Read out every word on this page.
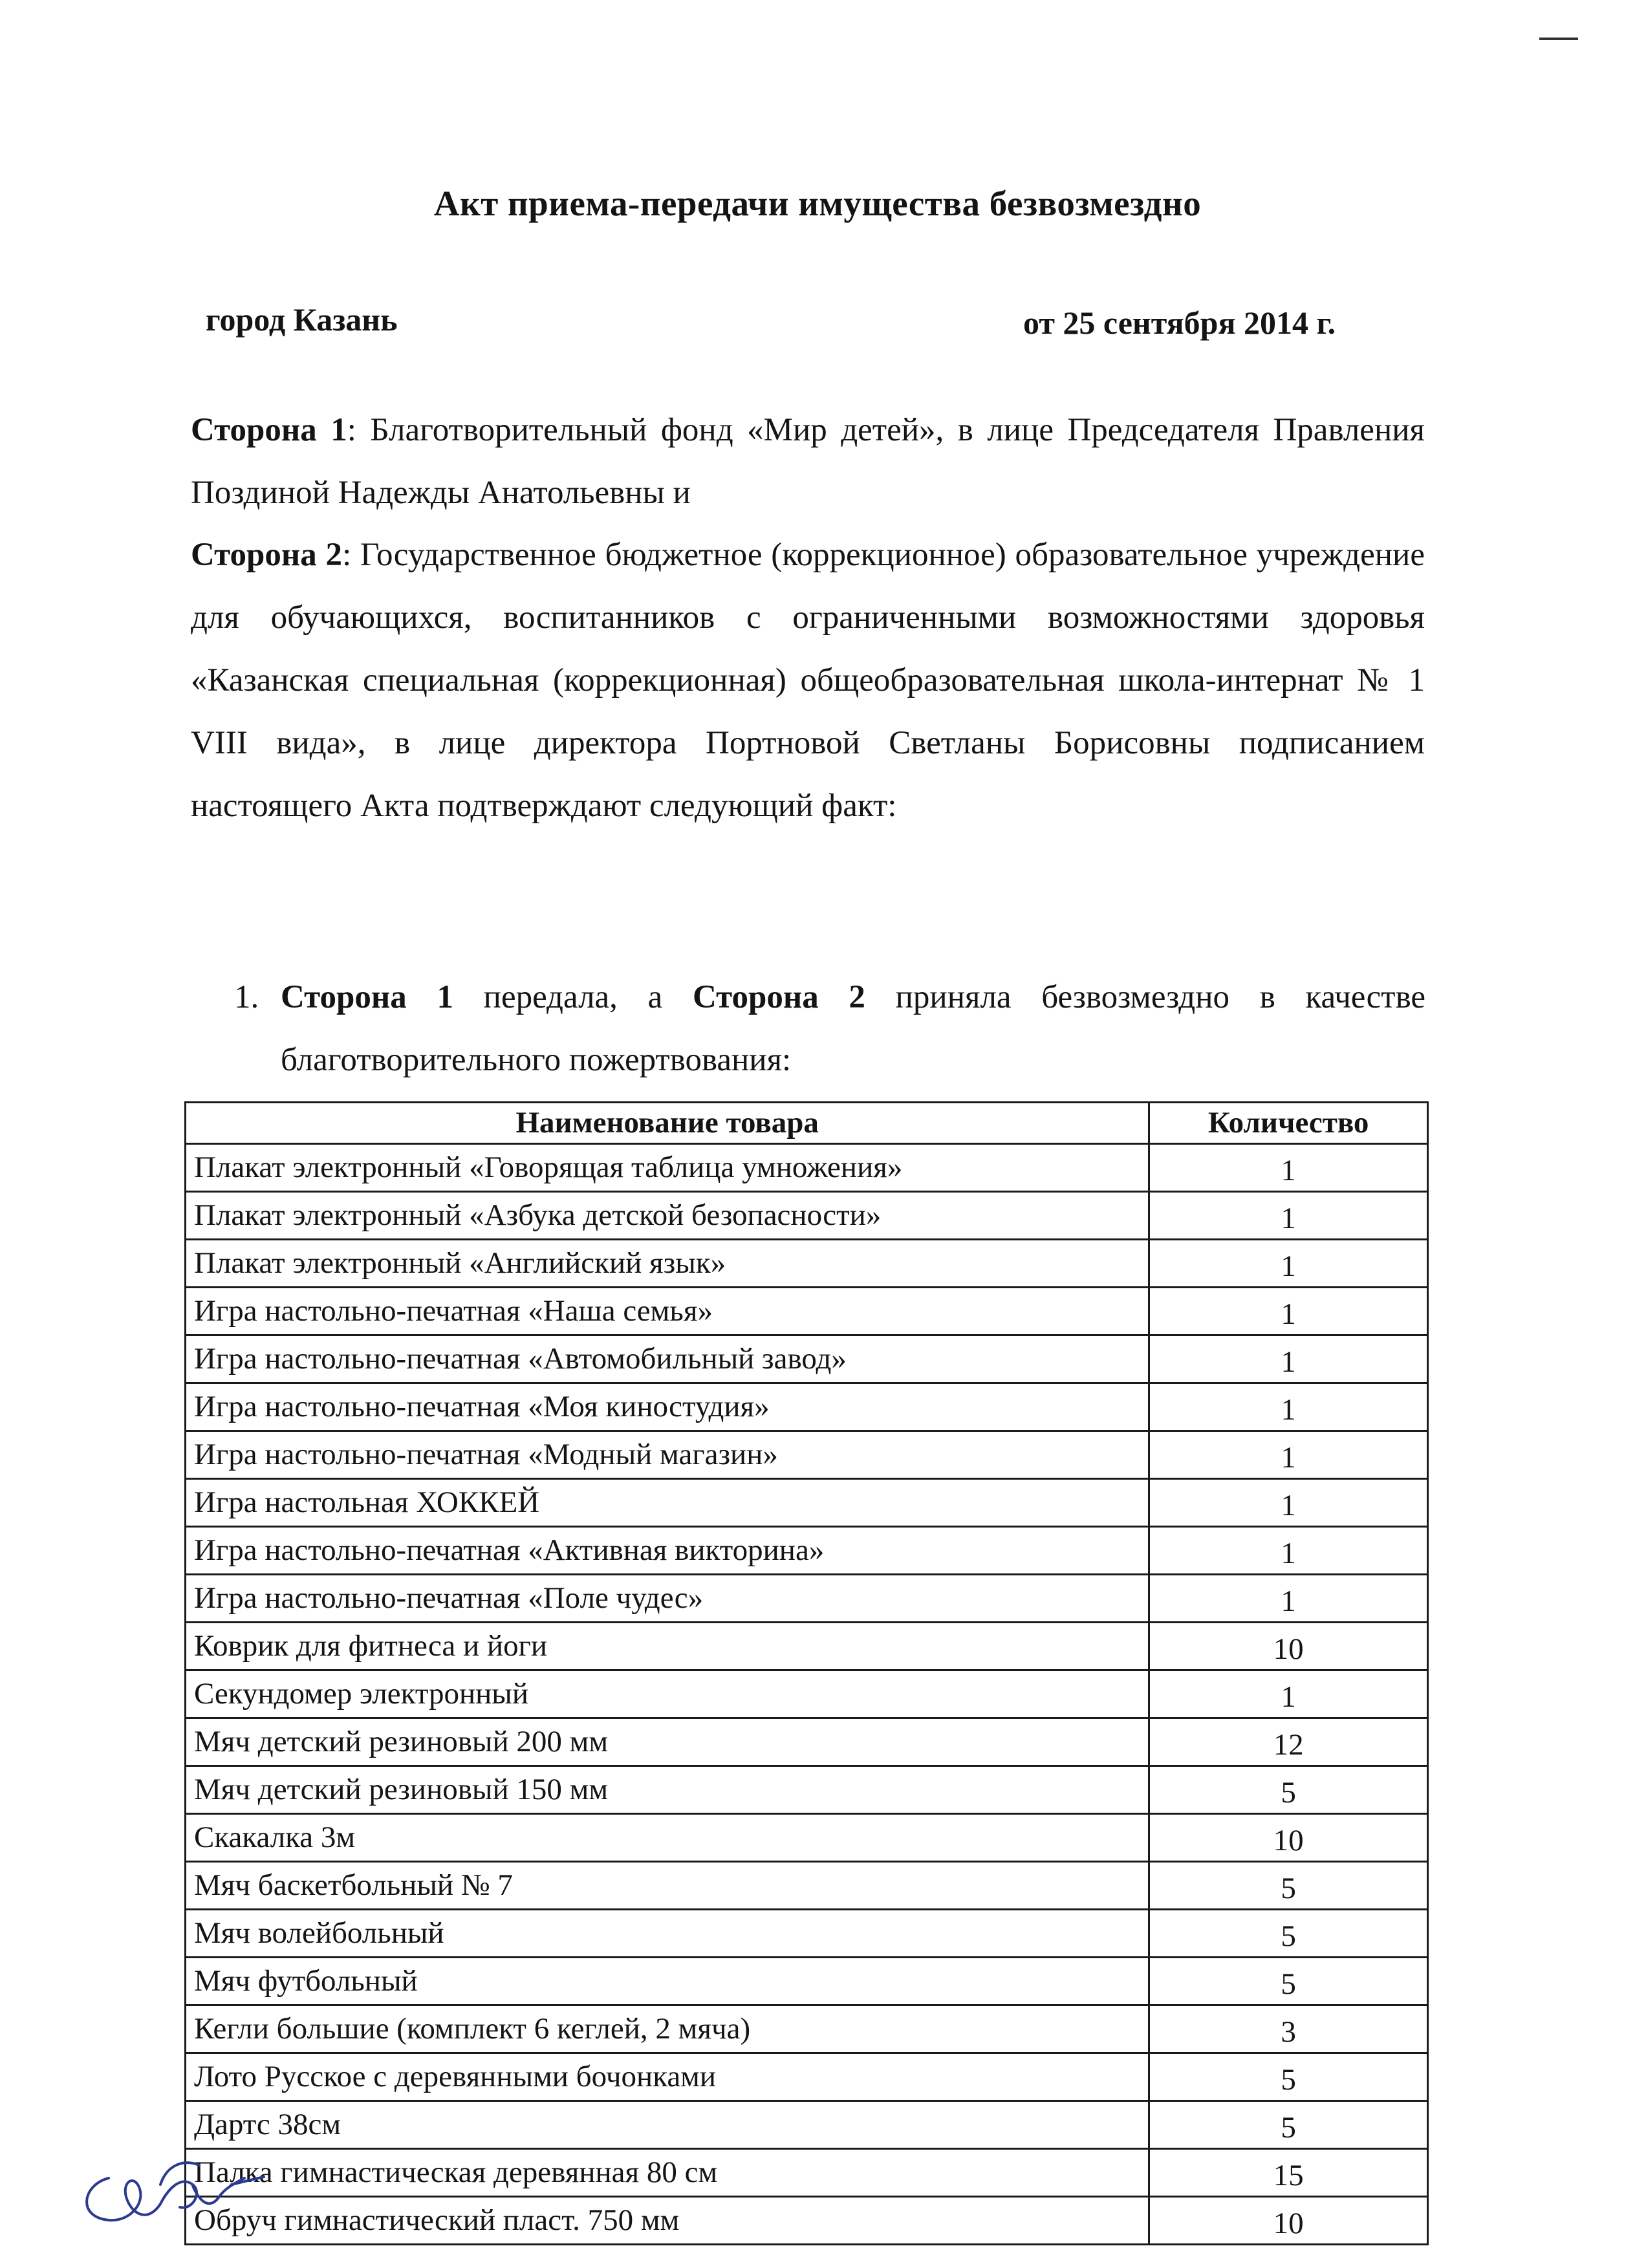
Акт приема-передачи имущества безвозмездно
город Казань	от 25 сентября 2014 г.
Сторона 1: Благотворительный фонд «Мир детей», в лице Председателя Правления Поздиной Надежды Анатольевны и
Сторона 2: Государственное бюджетное (коррекционное) образовательное учреждение для обучающихся, воспитанников с ограниченными возможностями здоровья «Казанская специальная (коррекционная) общеобразовательная школа-интернат № 1 VIII вида», в лице директора Портновой Светланы Борисовны подписанием настоящего Акта подтверждают следующий факт:
1. Сторона 1 передала, а Сторона 2 приняла безвозмездно в качестве благотворительного пожертвования:
Наименование товара	Количество
Плакат электронный «Говорящая таблица умножения»	1
Плакат электронный «Азбука детской безопасности»	1
Плакат электронный «Английский язык»	1
Игра настольно-печатная «Наша семья»	1
Игра настольно-печатная «Автомобильный завод»	1
Игра настольно-печатная «Моя киностудия»	1
Игра настольно-печатная «Модный магазин»	1
Игра настольная ХОККЕЙ	1
Игра настольно-печатная «Активная викторина»	1
Игра настольно-печатная «Поле чудес»	1
Коврик для фитнеса и йоги	10
Секундомер электронный	1
Мяч детский резиновый 200 мм	12
Мяч детский резиновый 150 мм	5
Скакалка 3м	10
Мяч баскетбольный № 7	5
Мяч волейбольный	5
Мяч футбольный	5
Кегли большие (комплект 6 кеглей, 2 мяча)	3
Лото Русское с деревянными бочонками	5
Дартс 38см	5
Палка гимнастическая деревянная 80 см	15
Обруч гимнастический пласт. 750 мм	10
